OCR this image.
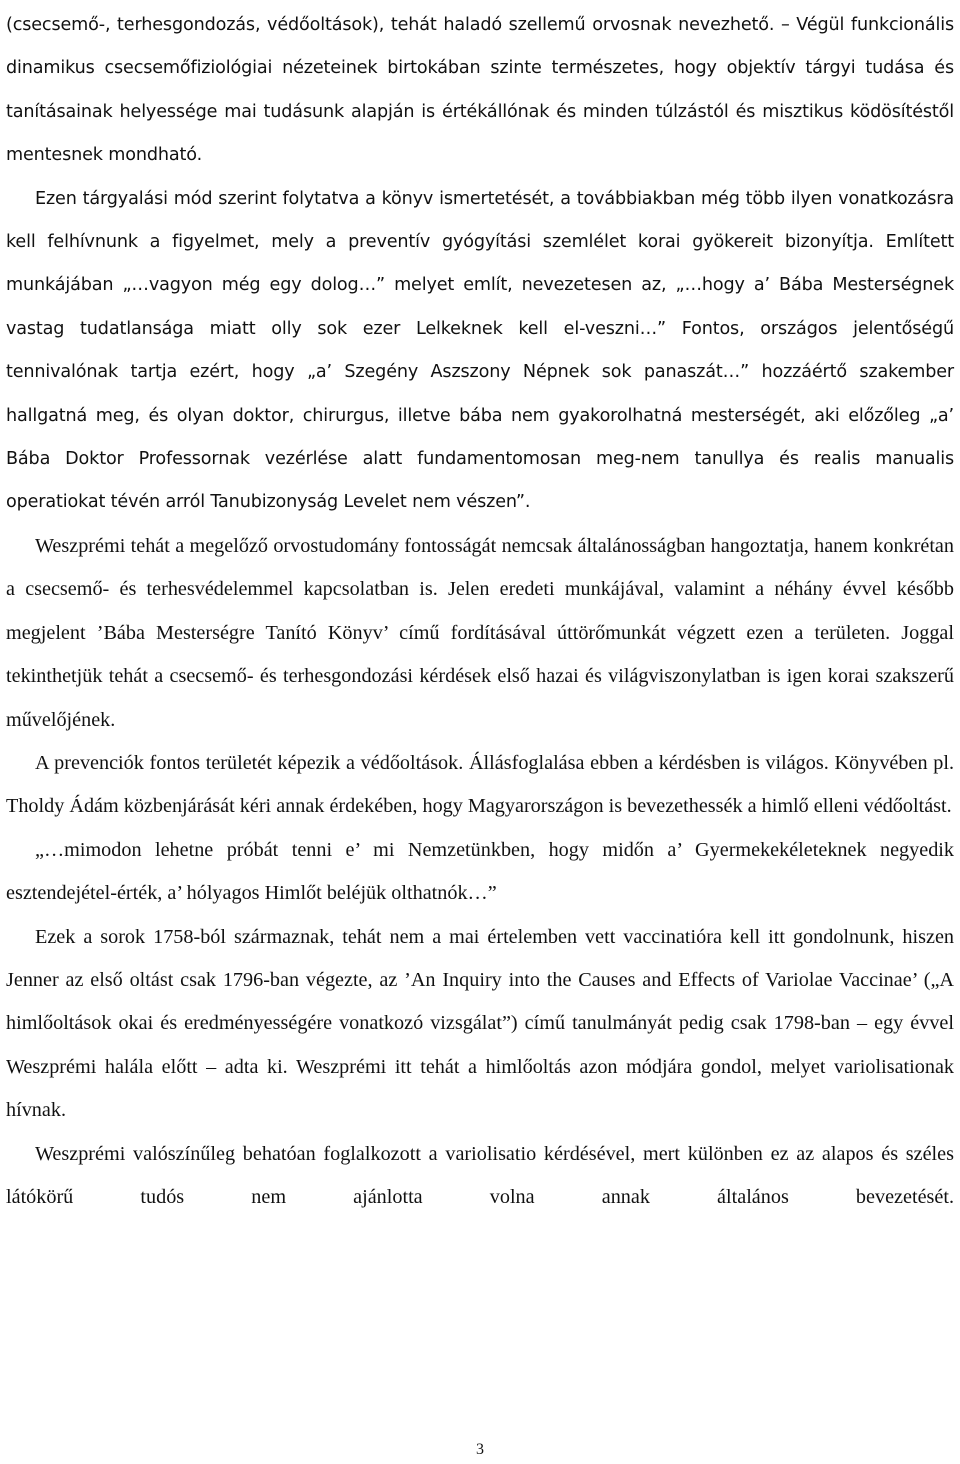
(csecsemő-, terhesgondozás, védőoltások), tehát haladó szellemű orvosnak nevezhető. – Végül funkcionális dinamikus csecsemőfiziológiai nézeteinek birtokában szinte természetes, hogy objektív tárgyi tudása és tanításainak helyessége mai tudásunk alapján is értékállónak és minden túlzástól és misztikus ködösítéstől mentesnek mondható.

Ezen tárgyalási mód szerint folytatva a könyv ismertetését, a továbbiakban még több ilyen vonatkozásra kell felhívnunk a figyelmet, mely a preventív gyógyítási szemlélet korai gyökereit bizonyítja. Említett munkájában „…vagyon még egy dolog…” melyet említ, nevezetesen az, „…hogy a’ Bába Mesterségnek vastag tudatlansága miatt olly sok ezer Lelkeknek kell el-veszni…” Fontos, országos jelentőségű tennivalónak tartja ezért, hogy „a’ Szegény Aszszony Népnek sok panaszát…” hozzáértő szakember hallgatná meg, és olyan doktor, chirurgus, illetve bába nem gyakorolhatná mesterségét, aki előzőleg „a’ Bába Doktor Professornak vezérlése alatt fundamentomosan meg-nem tanullya és realis manualis operatiokat tévén arról Tanubizonyság Levelet nem vészen”.

Weszprémi tehát a megelőző orvostudomány fontosságát nemcsak általánosságban hangoztatja, hanem konkrétan a csecsemő- és terhesvédelemmel kapcsolatban is. Jelen eredeti munkájával, valamint a néhány évvel később megjelent ’Bába Mesterségre Tanító Könyv’ című fordításával úttörőmunkát végzett ezen a területen. Joggal tekinthetjük tehát a csecsemő- és terhesgondozási kérdések első hazai és világviszonylatban is igen korai szakszerű művelőjének.

A prevenciók fontos területét képezik a védőoltások. Állásfoglalása ebben a kérdésben is világos. Könyvében pl. Tholdy Ádám közbenjárását kéri annak érdekében, hogy Magyarországon is bevezethessék a himlő elleni védőoltást.

„…mimodon lehetne próbát tenni e’ mi Nemzetünkben, hogy midőn a’ Gyermekekéleteknek negyedik esztendejétel-érték, a’ hólyagos Himlőt beléjük olthatnók…”

Ezek a sorok 1758-ból származnak, tehát nem a mai értelemben vett vaccinatióra kell itt gondolnunk, hiszen Jenner az első oltást csak 1796-ban végezte, az ’An Inquiry into the Causes and Effects of Variolae Vaccinae’ („A himlőoltások okai és eredményességére vonatkozó vizsgálat”) című tanulmányát pedig csak 1798-ban – egy évvel Weszprémi halála előtt – adta ki. Weszprémi itt tehát a himlőoltás azon módjára gondol, melyet variolisationak hívnak.

Weszprémi valószínűleg behatóan foglalkozott a variolisatio kérdésével, mert különben ez az alapos és széles látókörű tudós nem ajánlotta volna annak általános bevezetését.

3
